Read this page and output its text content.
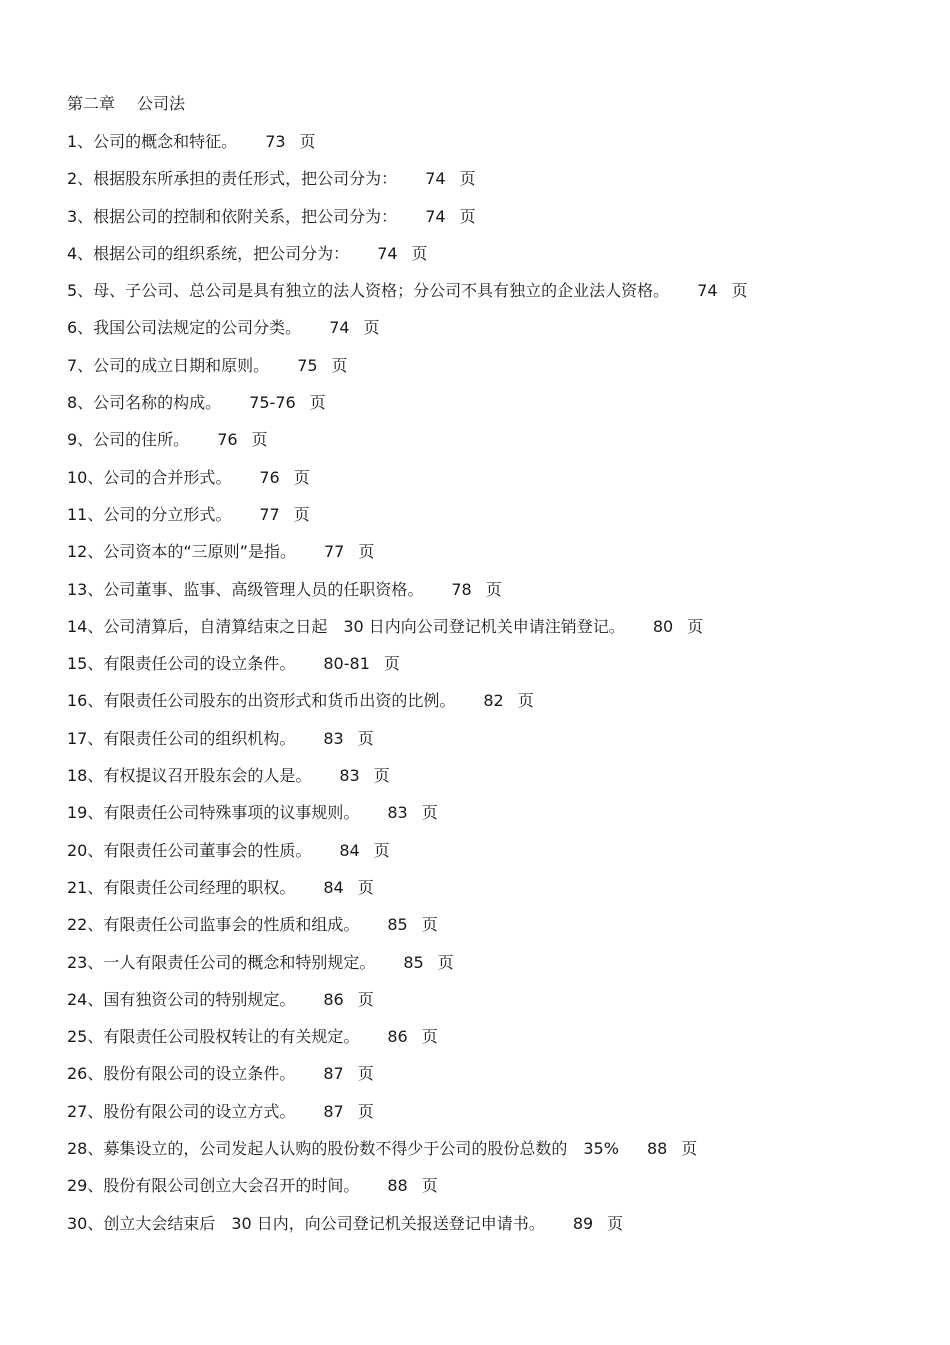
第二章 公司法
1、公司的概念和特征。 73 页
2、根据股东所承担的责任形式，把公司分为： 74 页
3、根据公司的控制和依附关系，把公司分为： 74 页
4、根据公司的组织系统，把公司分为： 74 页
5、母、子公司、总公司是具有独立的法人资格；分公司不具有独立的企业法人资格。 74 页
6、我国公司法规定的公司分类。 74 页
7、公司的成立日期和原则。 75 页
8、公司名称的构成。 75-76 页
9、公司的住所。 76 页
10、公司的合并形式。 76 页
11、公司的分立形式。 77 页
12、公司资本的“三原则”是指。 77 页
13、公司董事、监事、高级管理人员的任职资格。 78 页
14、公司清算后，自清算结束之日起　30 日内向公司登记机关申请注销登记。 80 页
15、有限责任公司的设立条件。 80-81 页
16、有限责任公司股东的出资形式和货币出资的比例。 82 页
17、有限责任公司的组织机构。 83 页
18、有权提议召开股东会的人是。 83 页
19、有限责任公司特殊事项的议事规则。 83 页
20、有限责任公司董事会的性质。 84 页
21、有限责任公司经理的职权。 84 页
22、有限责任公司监事会的性质和组成。 85 页
23、一人有限责任公司的概念和特别规定。 85 页
24、国有独资公司的特别规定。 86 页
25、有限责任公司股权转让的有关规定。 86 页
26、股份有限公司的设立条件。 87 页
27、股份有限公司的设立方式。 87 页
28、募集设立的，公司发起人认购的股份数不得少于公司的股份总数的　35% 88 页
29、股份有限公司创立大会召开的时间。 88 页
30、创立大会结束后　30 日内，向公司登记机关报送登记申请书。 89 页
